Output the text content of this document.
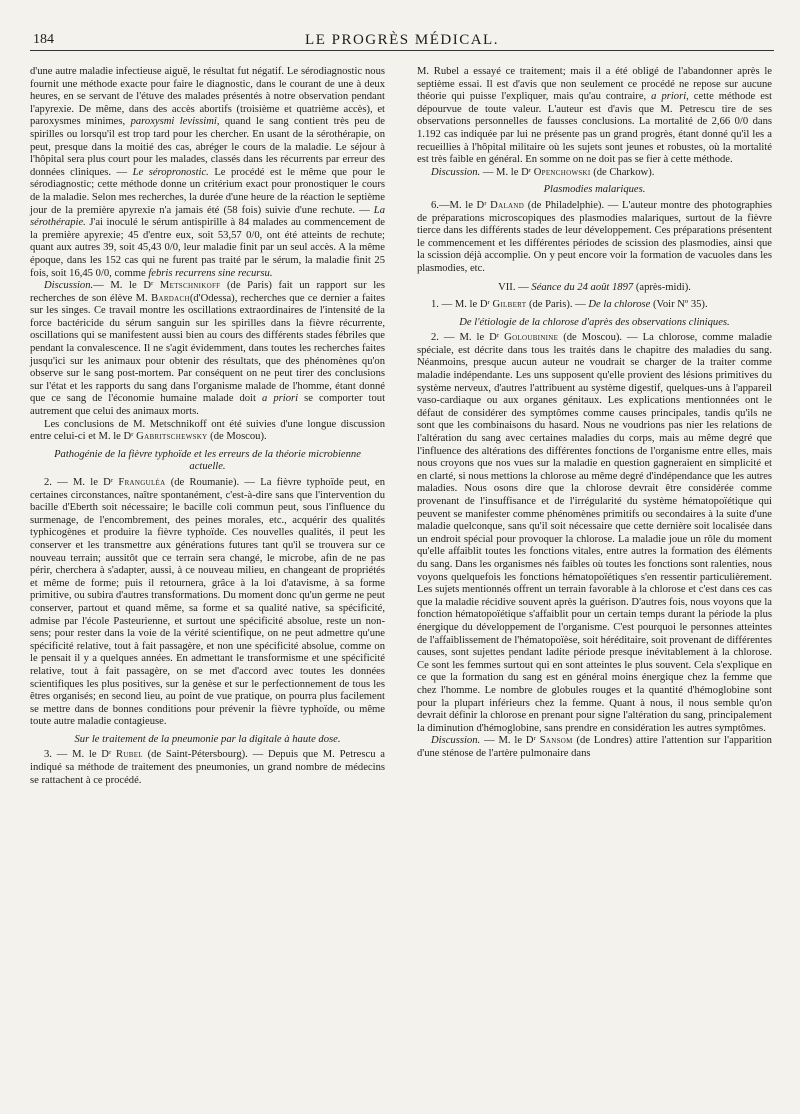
184	LE PROGRÈS MÉDICAL.

d'une autre maladie infectieuse aiguë, le résultat fut négatif. Le sérodiagnostic nous fournit une méthode exacte pour faire le diagnostic, dans le courant de une à deux heures, en se servant de l'étuve des malades présentés à notre observation pendant l'apyrexie. De même, dans des accès abortifs (troisième et quatrième accès), et paroxysmes minimes, paroxysmi levissimi, quand le sang contient très peu de spirilles ou lorsqu'il est trop tard pour les chercher. En usant de la sérothérapie, on peut, presque dans la moitié des cas, abréger le cours de la maladie. Le séjour à l'hôpital sera plus court pour les malades, classés dans les récurrents par erreur des données cliniques. — Le séropronostic. Le procédé est le même que pour le sérodiagnostic; cette méthode donne un critérium exact pour pronostiquer le cours de la maladie. Selon mes recherches, la durée d'une heure de la réaction le septième jour de la première apyrexie n'a jamais été (58 fois) suivie d'une rechute. — La sérothérapie. J'ai inoculé le sérum antispirille à 84 malades au commencement de la première apyrexie; 45 d'entre eux, soit 53,57 0/0, ont été atteints de rechute; quant aux autres 39, soit 45,43 0/0, leur maladie finit par un seul accès. A la même époque, dans les 152 cas qui ne furent pas traité par le sérum, la maladie finit 25 fois, soit 16,45 0/0, comme febris recurrens sine recursu.

Discussion.— M. le Dʳ Metschnikoff (de Paris) fait un rapport sur les recherches de son élève M. Bardach(d'Odessa), recherches que ce dernier a faites sur les singes. Ce travail montre les oscillations extraordinaires de l'intensité de la force bactéricide du sérum sanguin sur les spirilles dans la fièvre récurrente, oscillations qui se manifestent aussi bien au cours des différents stades fébriles que pendant la convalescence. Il ne s'agit évidemment, dans toutes les recherches faites jusqu'ici sur les animaux pour obtenir des résultats, que des phénomènes qu'on observe sur le sang post-mortem. Par conséquent on ne peut tirer des conclusions sur l'état et les rapports du sang dans l'organisme malade de l'homme, étant donné que ce sang de l'économie humaine malade doit a priori se comporter tout autrement que celui des animaux morts.

Les conclusions de M. Metschnikoff ont été suivies d'une longue discussion entre celui-ci et M. le Dʳ Gabritschewsky (de Moscou).

Pathogénie de la fièvre typhoïde et les erreurs de la théorie microbienne actuelle.

2. — M. le Dʳ Franguléa (de Roumanie). — La fièvre typhoïde peut, en certaines circonstances, naître spontanément, c'est-à-dire sans que l'intervention du bacille d'Eberth soit nécessaire; le bacille coli commun peut, sous l'influence du surmenage, de l'encombrement, des peines morales, etc., acquérir des qualités typhicogènes et produire la fièvre typhoïde. Ces nouvelles qualités, il peut les conserver et les transmettre aux générations futures tant qu'il se trouvera sur ce nouveau terrain; aussitôt que ce terrain sera changé, le microbe, afin de ne pas périr, cherchera à s'adapter, aussi, à ce nouveau milieu, en changeant de propriétés et même de forme; puis il retournera, grâce à la loi d'atavisme, à sa forme primitive, ou subira d'autres transformations. Du moment donc qu'un germe ne peut conserver, partout et quand même, sa forme et sa qualité native, sa spécificité, admise par l'école Pasteurienne, et surtout une spécificité absolue, reste un non-sens; pour rester dans la voie de la vérité scientifique, on ne peut admettre qu'une spécificité relative, tout à fait passagère, et non une spécificité absolue, comme on le pensait il y a quelques années. En admettant le transformisme et une spécificité relative, tout à fait passagère, on se met d'accord avec toutes les données scientifiques les plus positives, sur la genèse et sur le perfectionnement de tous les êtres organisés; en second lieu, au point de vue pratique, on pourra plus facilement se mettre dans de bonnes conditions pour prévenir la fièvre typhoïde, ou même toute autre maladie contagieuse.

Sur le traitement de la pneumonie par la digitale à haute dose.

3. — M. le Dʳ Rubel (de Saint-Pétersbourg). — Depuis que M. Petrescu a indiqué sa méthode de traitement des pneumonies, un grand nombre de médecins se rattachent à ce procédé.

M. Rubel a essayé ce traitement; mais il a été obligé de l'abandonner après le septième essai. Il est d'avis que non seulement ce procédé ne repose sur aucune théorie qui puisse l'expliquer, mais qu'au contraire, a priori, cette méthode est dépourvue de toute valeur. L'auteur est d'avis que M. Petrescu tire de ses observations personnelles de fausses conclusions. La mortalité de 2,66 0/0 dans 1.192 cas indiquée par lui ne présente pas un grand progrès, étant donné qu'il les a recueillies à l'hôpital militaire où les sujets sont jeunes et robustes, où la mortalité est très faible en général. En somme on ne doit pas se fier à cette méthode.

Discussion. — M. le Dʳ Openchowski (de Charkow).

Plasmodies malariques.

6.—M. le Dʳ Daland (de Philadelphie). — L'auteur montre des photographies de préparations microscopiques des plasmodies malariques, surtout de la fièvre tierce dans les différents stades de leur développement. Ces préparations présentent le commencement et les différentes périodes de scission des plasmodies, ainsi que la scission déjà accomplie. On y peut encore voir la formation de vacuoles dans les plasmodies, etc.

VII. — Séance du 24 août 1897 (après-midi).

1. — M. le Dʳ Gilbert (de Paris). — De la chlorose (Voir Nº 35).

De l'étiologie de la chlorose d'après des observations cliniques.

2. — M. le Dʳ Goloubinine (de Moscou). — La chlorose, comme maladie spéciale, est décrite dans tous les traités dans le chapitre des maladies du sang. Néanmoins, presque aucun auteur ne voudrait se charger de la traiter comme maladie indépendante. Les uns supposent qu'elle provient des lésions primitives du système nerveux, d'autres l'attribuent au système digestif, quelques-uns à l'appareil vaso-cardiaque ou aux organes génitaux. Les explications mentionnées ont le défaut de considérer des symptômes comme causes principales, tandis qu'ils ne sont que les combinaisons du hasard. Nous ne voudrions pas nier les relations de l'altération du sang avec certaines maladies du corps, mais au même degré que l'influence des altérations des différentes fonctions de l'organisme entre elles, mais nous croyons que nos vues sur la maladie en question gagneraient en simplicité et en clarté, si nous mettions la chlorose au même degré d'indépendance que les autres maladies. Nous osons dire que la chlorose devrait être considérée comme provenant de l'insuffisance et de l'irrégularité du système hématopoïétique qui peuvent se manifester comme phénomènes primitifs ou secondaires à la suite d'une maladie quelconque, sans qu'il soit nécessaire que cette dernière soit localisée dans un endroit spécial pour provoquer la chlorose. La maladie joue un rôle du moment qu'elle affaiblit toutes les fonctions vitales, entre autres la formation des éléments du sang. Dans les organismes nés faibles où toutes les fonctions sont ralenties, nous voyons quelquefois les fonctions hématopoïétiques s'en ressentir particulièrement. Les sujets mentionnés offrent un terrain favorable à la chlorose et c'est dans ces cas que la maladie récidive souvent après la guérison. D'autres fois, nous voyons que la fonction hématopoïétique s'affaiblit pour un certain temps durant la période la plus énergique du développement de l'organisme. C'est pourquoi le personnes atteintes de l'affaiblissement de l'hématopoïèse, soit héréditaire, soit provenant de différentes causes, sont sujettes pendant ladite période presque inévitablement à la chlorose. Ce sont les femmes surtout qui en sont atteintes le plus souvent. Cela s'explique en ce que la formation du sang est en général moins énergique chez la femme que chez l'homme. Le nombre de globules rouges et la quantité d'hémoglobine sont pour la plupart inférieurs chez la femme. Quant à nous, il nous semble qu'on devrait définir la chlorose en prenant pour signe l'altération du sang, principalement la diminution d'hémoglobine, sans prendre en considération les autres symptômes.

Discussion. — M. le Dʳ Sansom (de Londres) attire l'attention sur l'apparition d'une sténose de l'artère pulmonaire dans
